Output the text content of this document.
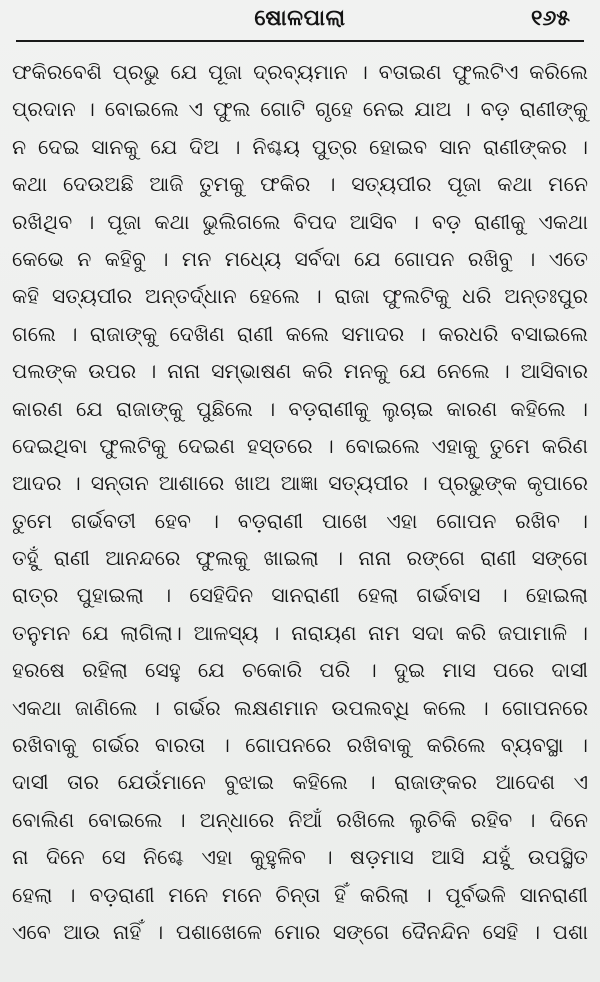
ଷୋଳପାଲା	୧୬୫
ଫକିରବେଶି ପ୍ରଭୁ ଯେ ପୂଜା ଦ୍ରବ୍ୟମାନ । ବତାଇଣ ଫୁଲଟିଏ କରିଲେ
ପ୍ରଦାନ । ବୋଇଲେ ଏ ଫୁଲ ଗୋଟି ଗୃହେ ନେଇ ଯାଅ । ବଡ଼ ରାଣୀଙ୍କୁ
ନ ଦେଇ ସାନକୁ ଯେ ଦିଅ । ନିଶ୍ଚୟ ପୁତ୍ର ହୋଇବ ସାନ ରାଣୀଙ୍କର ।
କଥା ଦେଉଅଛି ଆଜି ତୁମକୁ ଫକିର । ସତ୍ୟପୀର ପୂଜା କଥା ମନେ
ରଖିଥିବ । ପୂଜା କଥା ଭୁଲିଗଲେ ବିପଦ ଆସିବ । ବଡ଼ ରାଣୀକୁ ଏକଥା
କେଭେ ନ କହିବୁ । ମନ ମଧ୍ୟେ ସର୍ବଦା ଯେ ଗୋପନ ରଖିବୁ । ଏତେ
କହି ସତ୍ୟପୀର ଅନ୍ତର୍ଦ୍ଧାନ ହେଲେ । ରାଜା ଫୁଲଟିକୁ ଧରି ଅନ୍ତଃପୁର
ଗଲେ । ରାଜାଙ୍କୁ ଦେଖିଣ ରାଣୀ କଲେ ସମାଦର । କରଧରି ବସାଇଲେ
ପଲଙ୍କ ଉପର । ନାନା ସମ୍ଭାଷଣ କରି ମନକୁ ଯେ ନେଲେ । ଆସିବାର
କାରଣ ଯେ ରାଜାଙ୍କୁ ପୁଛିଲେ । ବଡ଼ରାଣୀକୁ ଲୁଚାଇ କାରଣ କହିଲେ ।
ଦେଇଥିବା ଫୁଲଟିକୁ ଦେଇଣ ହସ୍ତରେ । ବୋଇଲେ ଏହାକୁ ତୁମେ କରିଣ
ଆଦର । ସନ୍ତାନ ଆଶାରେ ଖାଅ ଆଜ୍ଞା ସତ୍ୟପୀର । ପ୍ରଭୁଙ୍କ କୃପାରେ
ତୁମେ ଗର୍ଭବତୀ ହେବ । ବଡ଼ରାଣୀ ପାଖେ ଏହା ଗୋପନ ରଖିବ ।
ତହୁଁ ରାଣୀ ଆନନ୍ଦରେ ଫୁଲକୁ ଖାଇଲା । ନାନା ରଙ୍ଗେ ରାଣୀ ସଙ୍ଗେ
ରାତ୍ର ପୁହାଇଲା । ସେହିଦିନ ସାନରାଣୀ ହେଲା ଗର୍ଭବାସ । ହୋଇଲା
ତନୁମନ ଯେ ଲାଗିଲା। ଆଳସ୍ୟ । ନାରାୟଣ ନାମ ସଦା କରି ଜପାମାଳି ।
ହରଷେ ରହିଲା ସେହୁ ଯେ ଚକୋରି ପରି । ଦୁଇ ମାସ ପରେ ଦାସୀ
ଏକଥା ଜାଣିଲେ । ଗର୍ଭର ଲକ୍ଷଣମାନ ଉପଲବ୍ଧି କଲେ । ଗୋପନରେ
ରଖିବାକୁ ଗର୍ଭର ବାରତା । ଗୋପନରେ ରଖିବାକୁ କରିଲେ ବ୍ୟବସ୍ଥା ।
ଦାସୀ ତାର ଯେଉଁମାନେ ବୁଝାଇ କହିଲେ । ରାଜାଙ୍କର ଆଦେଶ ଏ
ବୋଲିଣ ବୋଇଲେ । ଅନ୍ଧାରେ ନିଆଁ ରଖିଲେ ଲୁଚିକି ରହିବ । ଦିନେ
ନା ଦିନେ ସେ ନିଶ୍ଚେ ଏହା କୁହୁଳିବ । ଷଡ଼ମାସ ଆସି ଯହୁଁ ଉପସ୍ଥିତ
ହେଲା । ବଡ଼ରାଣୀ ମନେ ମନେ ଚିନ୍ତା ହିଁ କରିଲା । ପୂର୍ବଭଳି ସାନରାଣୀ
ଏବେ ଆଉ ନାହିଁ । ପଶାଖେଳେ ମୋର ସଙ୍ଗେ ଦୈନନ୍ଦିନ ସେହି । ପଶା
